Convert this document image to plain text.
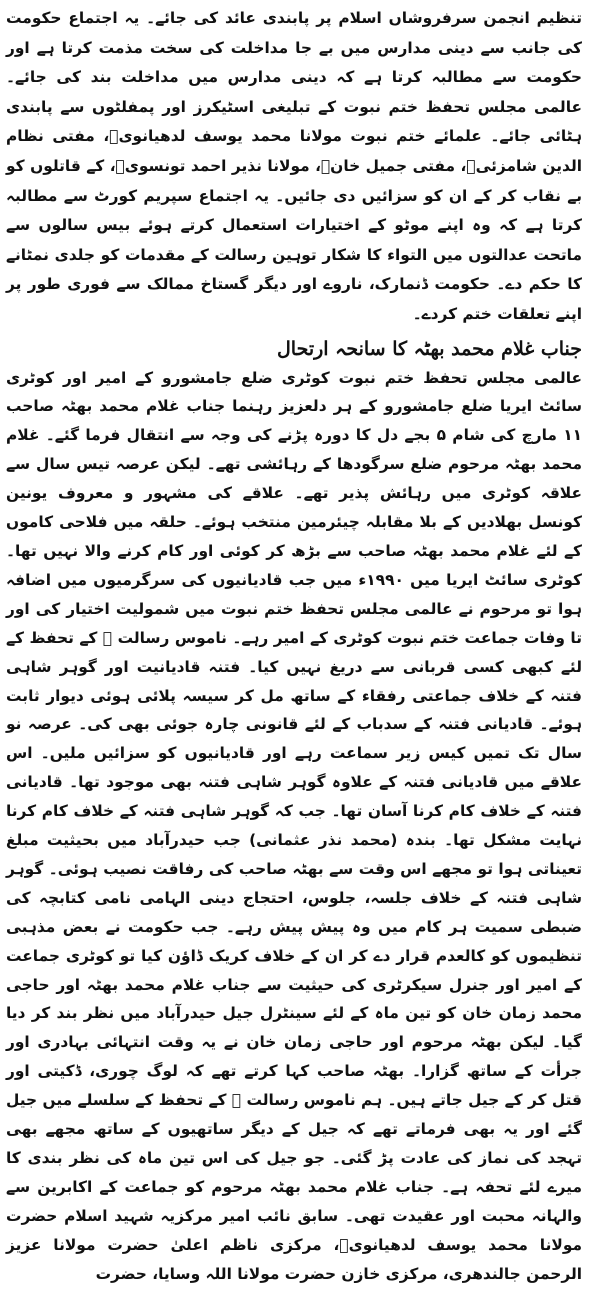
تنظیم انجمن سرفروشاں اسلام پر پابندی عائد کی جائے۔ یہ اجتماع حکومت کی جانب سے دینی مدارس میں بے جا مداخلت کی سخت مذمت کرتا ہے اور حکومت سے مطالبہ کرتا ہے کہ دینی مدارس میں مداخلت بند کی جائے۔ عالمی مجلس تحفظ ختم نبوت کے تبلیغی اسٹیکرز اور پمفلٹوں سے پابندی ہٹائی جائے۔ علمائے ختم نبوت مولانا محمد یوسف لدھیانویؒ، مفتی نظام الدین شامزئیؒ، مفتی جمیل خانؒ، مولانا نذیر احمد تونسویؒ، کے قاتلوں کو بے نقاب کر کے ان کو سزائیں دی جائیں۔ یہ اجتماع سپریم کورٹ سے مطالبہ کرتا ہے کہ وہ اپنے موٹو کے اختیارات استعمال کرتے ہوئے بیس سالوں سے ماتحت عدالتوں میں التواء کا شکار توہین رسالت کے مقدمات کو جلدی نمٹانے کا حکم دے۔ حکومت ڈنمارک، ناروے اور دیگر گستاخ ممالک سے فوری طور پر اپنے تعلقات ختم کردے۔

جناب غلام محمد بھٹہ کا سانحہ ارتحال

عالمی مجلس تحفظ ختم نبوت کوٹری ضلع جامشورو کے امیر اور کوٹری سائٹ ایریا ضلع جامشورو کے ہر دلعزیز رہنما جناب غلام محمد بھٹہ صاحب ۱۱ مارچ کی شام ۵ بجے دل کا دورہ پڑنے کی وجہ سے انتقال فرما گئے۔ غلام محمد بھٹہ مرحوم ضلع سرگودھا کے رہائشی تھے۔ لیکن عرصہ تیس سال سے علاقہ کوٹری میں رہائش پذیر تھے۔ علاقے کی مشہور و معروف یونین کونسل بھلادیں کے بلا مقابلہ چیئرمین منتخب ہوئے۔ حلقہ میں فلاحی کاموں کے لئے غلام محمد بھٹہ صاحب سے بڑھ کر کوئی اور کام کرنے والا نہیں تھا۔ کوٹری سائٹ ایریا میں ۱۹۹۰ء میں جب قادیانیوں کی سرگرمیوں میں اضافہ ہوا تو مرحوم نے عالمی مجلس تحفظ ختم نبوت میں شمولیت اختیار کی اور تا وفات جماعت ختم نبوت کوٹری کے امیر رہے۔ ناموس رسالت ﷺ کے تحفظ کے لئے کبھی کسی قربانی سے دریغ نہیں کیا۔ فتنہ قادیانیت اور گوہر شاہی فتنہ کے خلاف جماعتی رفقاء کے ساتھ مل کر سیسہ پلائی ہوئی دیوار ثابت ہوئے۔ قادیانی فتنہ کے سدباب کے لئے قانونی چارہ جوئی بھی کی۔ عرصہ نو سال تک تمیں کیس زیر سماعت رہے اور قادیانیوں کو سزائیں ملیں۔ اس علاقے میں قادیانی فتنہ کے علاوہ گوہر شاہی فتنہ بھی موجود تھا۔ قادیانی فتنہ کے خلاف کام کرنا آسان تھا۔ جب کہ گوہر شاہی فتنہ کے خلاف کام کرنا نہایت مشکل تھا۔ بندہ (محمد نذر عثمانی) جب حیدرآباد میں بحیثیت مبلغ تعیناتی ہوا تو مجھے اس وقت سے بھٹہ صاحب کی رفاقت نصیب ہوئی۔ گوہر شاہی فتنہ کے خلاف جلسہ، جلوس، احتجاج دینی الہامی نامی کتابچہ کی ضبطی سمیت ہر کام میں وہ پیش پیش رہے۔ جب حکومت نے بعض مذہبی تنظیموں کو کالعدم قرار دے کر ان کے خلاف کریک ڈاؤن کیا تو کوٹری جماعت کے امیر اور جنرل سیکرٹری کی حیثیت سے جناب غلام محمد بھٹہ اور حاجی محمد زمان خان کو تین ماہ کے لئے سینٹرل جیل حیدرآباد میں نظر بند کر دیا گیا۔ لیکن بھٹہ مرحوم اور حاجی زمان خان نے یہ وقت انتہائی بہادری اور جرأت کے ساتھ گزارا۔ بھٹہ صاحب کہا کرتے تھے کہ لوگ چوری، ڈکیتی اور قتل کر کے جیل جاتے ہیں۔ ہم ناموس رسالت ﷺ کے تحفظ کے سلسلے میں جیل گئے اور یہ بھی فرماتے تھے کہ جیل کے دیگر ساتھیوں کے ساتھ مجھے بھی تہجد کی نماز کی عادت پڑ گئی۔ جو جیل کی اس تین ماہ کی نظر بندی کا میرے لئے تحفہ ہے۔ جناب غلام محمد بھٹہ مرحوم کو جماعت کے اکابرین سے والہانہ محبت اور عقیدت تھی۔ سابق نائب امیر مرکزیہ شہید اسلام حضرت مولانا محمد یوسف لدھیانویؒ، مرکزی ناظم اعلیٰ حضرت مولانا عزیز الرحمن جالندھری، مرکزی خازن حضرت مولانا اللہ وسایا، حضرت
